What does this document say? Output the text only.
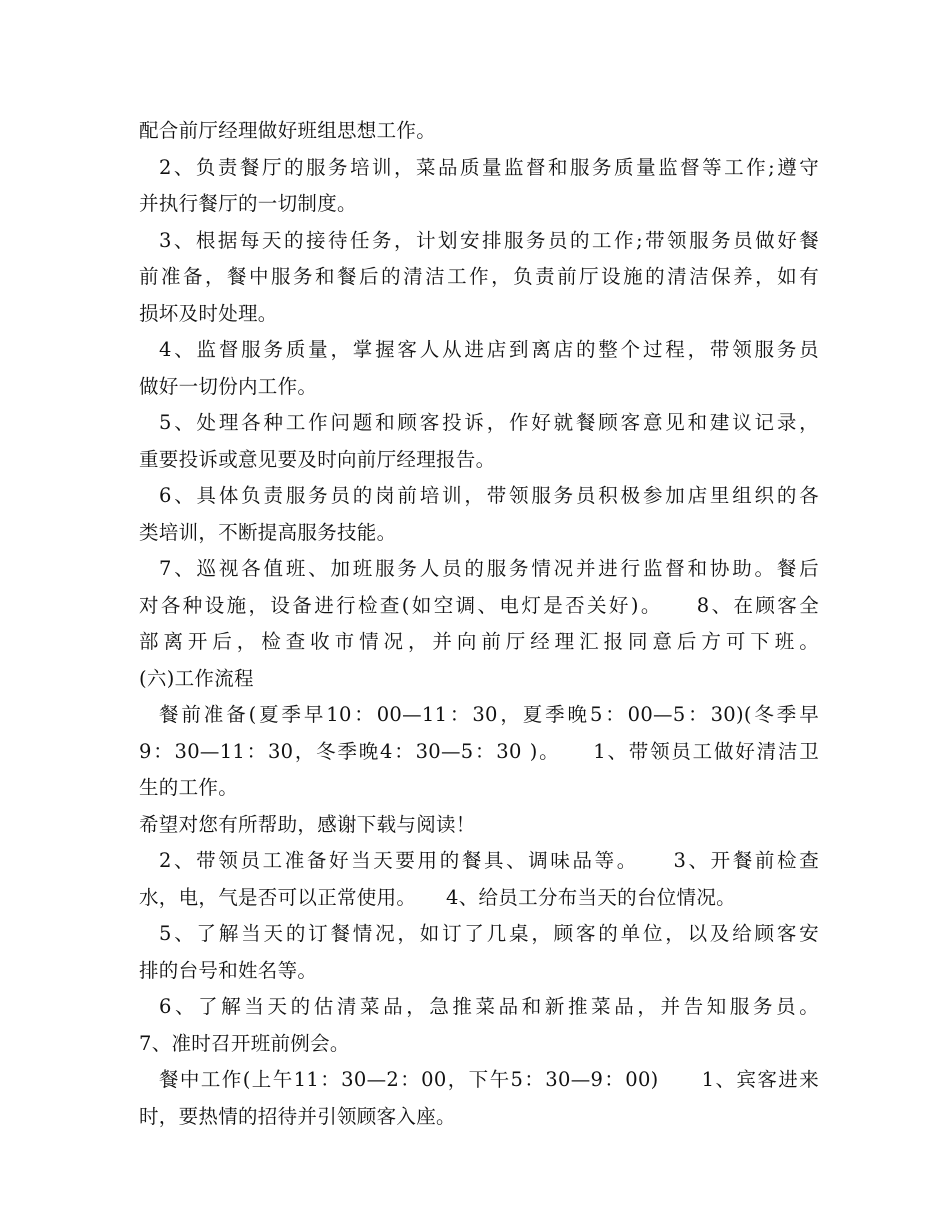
配合前厅经理做好班组思想工作。
2、负责餐厅的服务培训，菜品质量监督和服务质量监督等工作;遵守
并执行餐厅的一切制度。
3、根据每天的接待任务，计划安排服务员的工作;带领服务员做好餐
前准备，餐中服务和餐后的清洁工作，负责前厅设施的清洁保养，如有
损坏及时处理。
4、监督服务质量，掌握客人从进店到离店的整个过程，带领服务员
做好一切份内工作。
5、处理各种工作问题和顾客投诉，作好就餐顾客意见和建议记录，
重要投诉或意见要及时向前厅经理报告。
6、具体负责服务员的岗前培训，带领服务员积极参加店里组织的各
类培训，不断提高服务技能。
7、巡视各值班、加班服务人员的服务情况并进行监督和协助。餐后
对各种设施，设备进行检查(如空调、电灯是否关好)。　　8、在顾客全
部离开后，检查收市情况，并向前厅经理汇报同意后方可下班。
(六)工作流程
餐前准备(夏季早10：00—11：30，夏季晚5：00—5：30)(冬季早
9：30—11：30，冬季晚4：30—5：30 )。　　1、带领员工做好清洁卫
生的工作。
希望对您有所帮助，感谢下载与阅读！
2、带领员工准备好当天要用的餐具、调味品等。　　3、开餐前检查
水，电，气是否可以正常使用。　　4、给员工分布当天的台位情况。
5、了解当天的订餐情况，如订了几桌，顾客的单位，以及给顾客安
排的台号和姓名等。
6、了解当天的估清菜品，急推菜品和新推菜品，并告知服务员。
7、准时召开班前例会。
餐中工作(上午11：30—2：00，下午5：30—9：00)　　1、宾客进来
时，要热情的招待并引领顾客入座。
